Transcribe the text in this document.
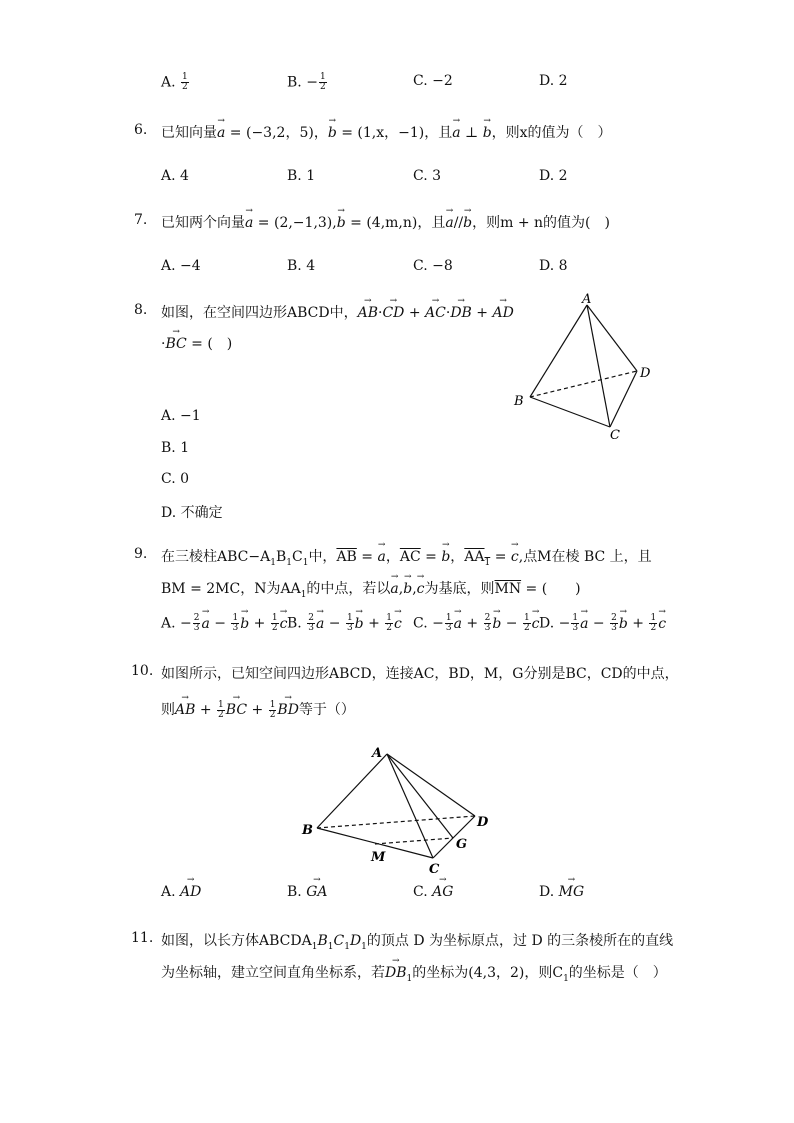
A. $\frac{1}{2}$	B. − $\frac{1}{2}$	C. −2	D. 2
6. 已知向量→ a = (−3,2，5)，→ b = (1,x，−1)，且→ a ⊥ → b，则x的值为（　）
A. 4	B. 1	C. 3	D. 2
7. 已知两个向量→ a = (2,−1,3),→ b = (4,m,n)，且→ a//→ b，则m + n的值为(　)
A. −4	B. 4	C. −8	D. 8
8. 如图，在空间四边形ABCD中，→ AB·→ CD + → AC·→ DB + → AD
·→ BC = (　)
A. −1
B. 1
C. 0
D. 不确定
A
B
C
D
9. 在三棱柱$ABC-A_1B_1C_1$中，$\overline{AB}$ = → a，$\overline{AC}$ = → b，$AA_1$ = → c,点M在棱 BC 上，且
BM = 2MC，N为$AA_1$的中点，若以→ a,→ b,→ c为基底，则$\overline{MN}$ = (　　)
A. − $\frac{2}{3} \to a - \frac{1}{3} \to b + \frac{1}{2} \to c$ B. $\frac{2}{3} \to a - \frac{1}{3} \to b + \frac{1}{2} \to c$ C. − $\frac{1}{3} \to a + \frac{2}{3} \to b - \frac{1}{2} \to c$ D. − $\frac{1}{3} \to a - \frac{2}{3} \to b + \frac{1}{2} \to c$
10. 如图所示，已知空间四边形ABCD，连接AC，BD，M，G分别是BC，CD的中点，
则→ AB + $\frac{1}{2}$ → BC + $\frac{1}{2}$ → BD等于（）
A
B
C
D
M
G
A. → AD	B. → GA	C. → AG	D. → MG
11. 如图，以长方体$ABCDA_1B_1C_1D_1$的顶点 D 为坐标原点，过 D 的三条棱所在的直线
为坐标轴，建立空间直角坐标系，若→ $DB_1$的坐标为(4,3，2)，则$C_1$的坐标是（　）
